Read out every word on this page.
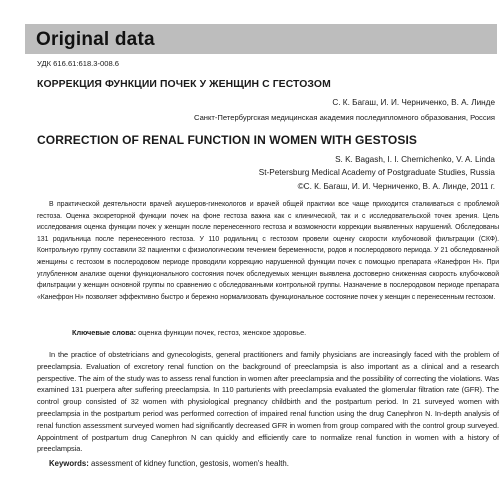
Original data
УДК 616.61:618.3-008.6
КОРРЕКЦИЯ ФУНКЦИИ ПОЧЕК У ЖЕНЩИН С ГЕСТОЗОМ
С. К. Багаш, И. И. Черниченко, В. А. Линде
Санкт-Петербургская медицинская академия последипломного образования, Россия
CORRECTION OF RENAL FUNCTION IN WOMEN WITH GESTOSIS
S. K. Bagash, I. I. Chernichenko, V. A. Linda
St-Petersburg Medical Academy of Postgraduate Studies, Russia
©С. К. Багаш, И. И. Черниченко, В. А. Линде, 2011 г.

В практической деятельности врачей акушеров-гинекологов и врачей общей практики все чаще приходится сталкиваться с проблемой гестоза. Оценка экскреторной функции почек на фоне гестоза важна как с клинической, так и с исследовательской точек зрения. Цель исследования оценка функции почек у женщин после перенесенного гестоза и возможности коррекции выявленных нарушений. Обследованы 131 родильница после перенесенного гестоза. У 110 родильниц с гестозом провели оценку скорости клубочковой фильтрации (СКФ). Контрольную группу составили 32 пациентки с физиологическим течением беременности, родов и послеродового периода. У 21 обследованной женщины с гестозом в послеродовом периоде проводили коррекцию нарушенной функции почек с помощью препарата «Канефрон Н». При углубленном анализе оценки функционального состояния почек обследуемых женщин выявлена достоверно сниженная скорость клубочковой фильтрации у женщин основной группы по сравнению с обследованными контрольной группы. Назначение в послеродовом периоде препарата «Канефрон Н» позволяет эффективно быстро и бережно нормализовать функциональное состояние почек у женщин с перенесенным гестозом.

Ключевые слова: оценка функции почек, гестоз, женское здоровье.

In the practice of obstetricians and gynecologists, general practitioners and family physicians are increasingly faced with the problem of preeclampsia. Evaluation of excretory renal function on the background of preeclampsia is also important as a clinical and a research perspective. The aim of the study was to assess renal function in women after preeclampsia and the possibility of correcting the violations. Was examined 131 puerpera after suffering preeclampsia. In 110 parturients with preeclampsia evaluated the glomerular filtration rate (GFR). The control group consisted of 32 women with physiological pregnancy childbirth and the postpartum period. In 21 surveyed women with preeclampsia in the postpartum period was performed correction of impaired renal function using the drug Canephron N. In-depth analysis of renal function assessment surveyed women had significantly decreased GFR in women from group compared with the control group surveyed. Appointment of postpartum drug Canephron N can quickly and efficiently care to normalize renal function in women with a history of preeclampsia.

Keywords: assessment of kidney function, gestosis, women's health.
